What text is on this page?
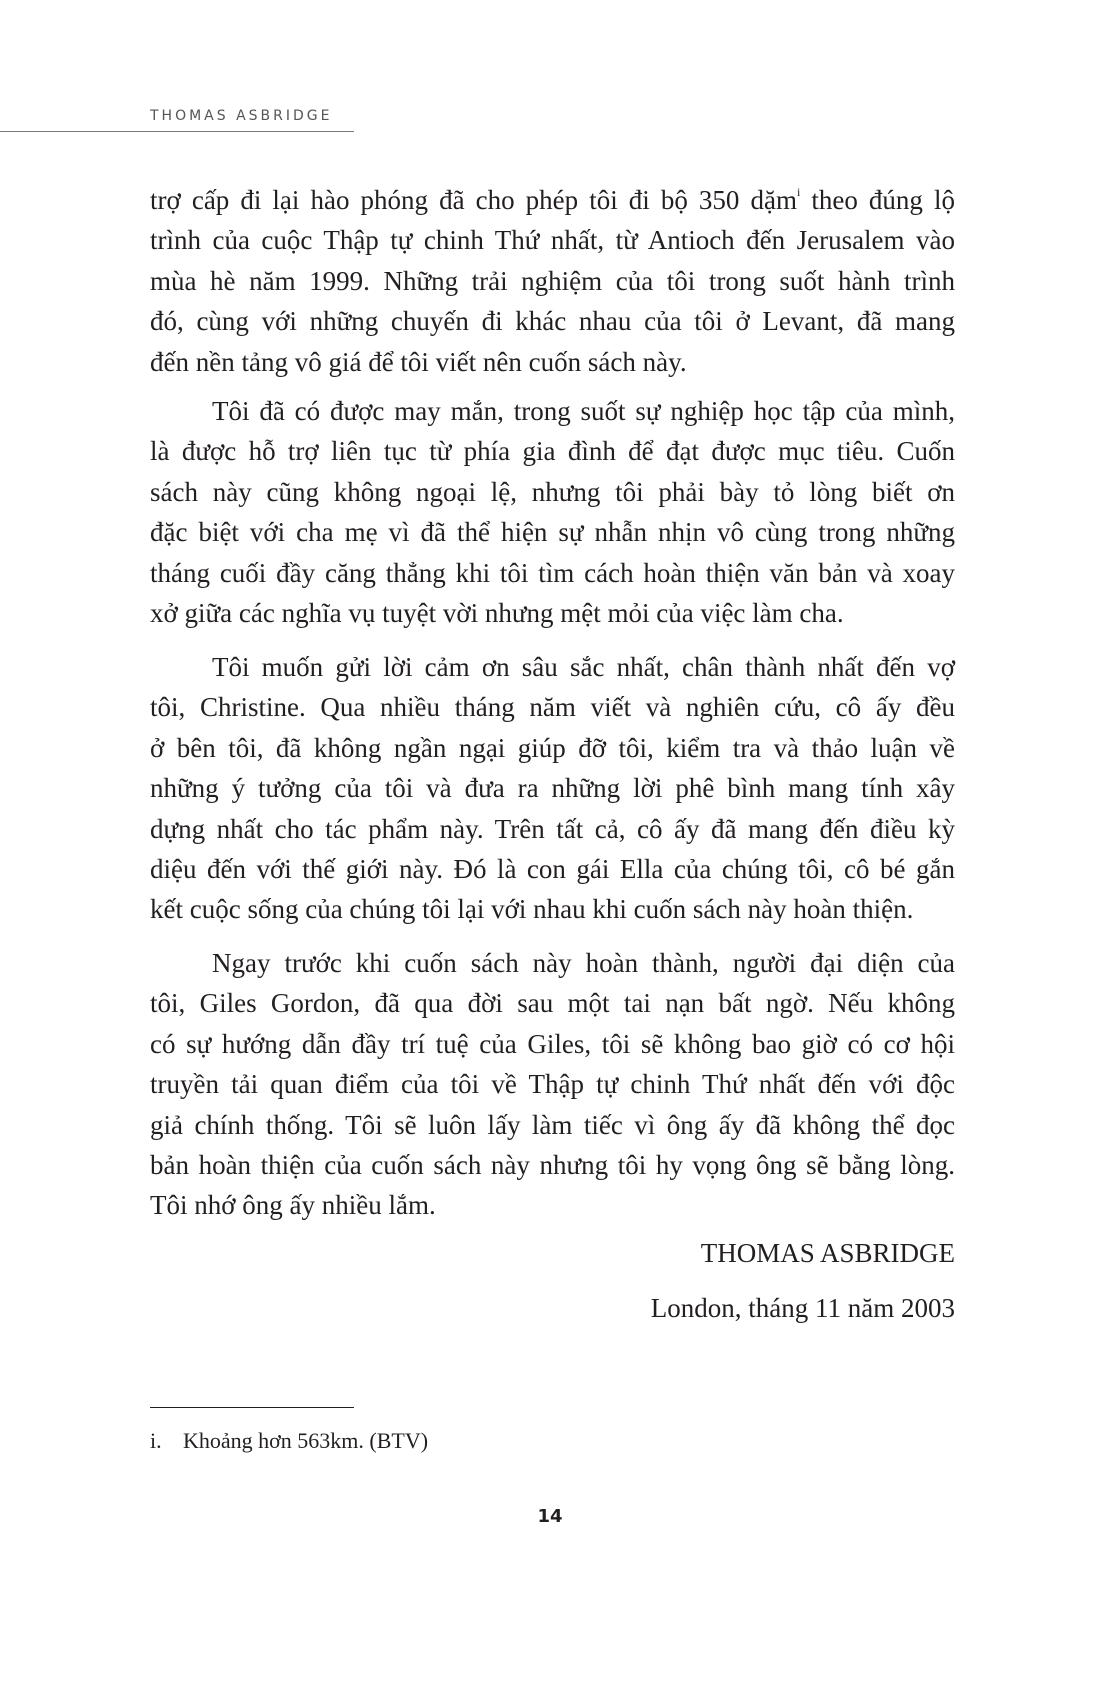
THOMAS ASBRIDGE
trợ cấp đi lại hào phóng đã cho phép tôi đi bộ 350 dặm$^i$ theo đúng lộ
trình của cuộc Thập tự chinh Thứ nhất, từ Antioch đến Jerusalem vào
mùa hè năm 1999. Những trải nghiệm của tôi trong suốt hành trình
đó, cùng với những chuyến đi khác nhau của tôi ở Levant, đã mang
đến nền tảng vô giá để tôi viết nên cuốn sách này.
Tôi đã có được may mắn, trong suốt sự nghiệp học tập của mình,
là được hỗ trợ liên tục từ phía gia đình để đạt được mục tiêu. Cuốn
sách này cũng không ngoại lệ, nhưng tôi phải bày tỏ lòng biết ơn
đặc biệt với cha mẹ vì đã thể hiện sự nhẫn nhịn vô cùng trong những
tháng cuối đầy căng thẳng khi tôi tìm cách hoàn thiện văn bản và xoay
xở giữa các nghĩa vụ tuyệt vời nhưng mệt mỏi của việc làm cha.
Tôi muốn gửi lời cảm ơn sâu sắc nhất, chân thành nhất đến vợ
tôi, Christine. Qua nhiều tháng năm viết và nghiên cứu, cô ấy đều
ở bên tôi, đã không ngần ngại giúp đỡ tôi, kiểm tra và thảo luận về
những ý tưởng của tôi và đưa ra những lời phê bình mang tính xây
dựng nhất cho tác phẩm này. Trên tất cả, cô ấy đã mang đến điều kỳ
diệu đến với thế giới này. Đó là con gái Ella của chúng tôi, cô bé gắn
kết cuộc sống của chúng tôi lại với nhau khi cuốn sách này hoàn thiện.
Ngay trước khi cuốn sách này hoàn thành, người đại diện của
tôi, Giles Gordon, đã qua đời sau một tai nạn bất ngờ. Nếu không
có sự hướng dẫn đầy trí tuệ của Giles, tôi sẽ không bao giờ có cơ hội
truyền tải quan điểm của tôi về Thập tự chinh Thứ nhất đến với độc
giả chính thống. Tôi sẽ luôn lấy làm tiếc vì ông ấy đã không thể đọc
bản hoàn thiện của cuốn sách này nhưng tôi hy vọng ông sẽ bằng lòng.
Tôi nhớ ông ấy nhiều lắm.
THOMAS ASBRIDGE
London, tháng 11 năm 2003
i. Khoảng hơn 563km. (BTV)
14
